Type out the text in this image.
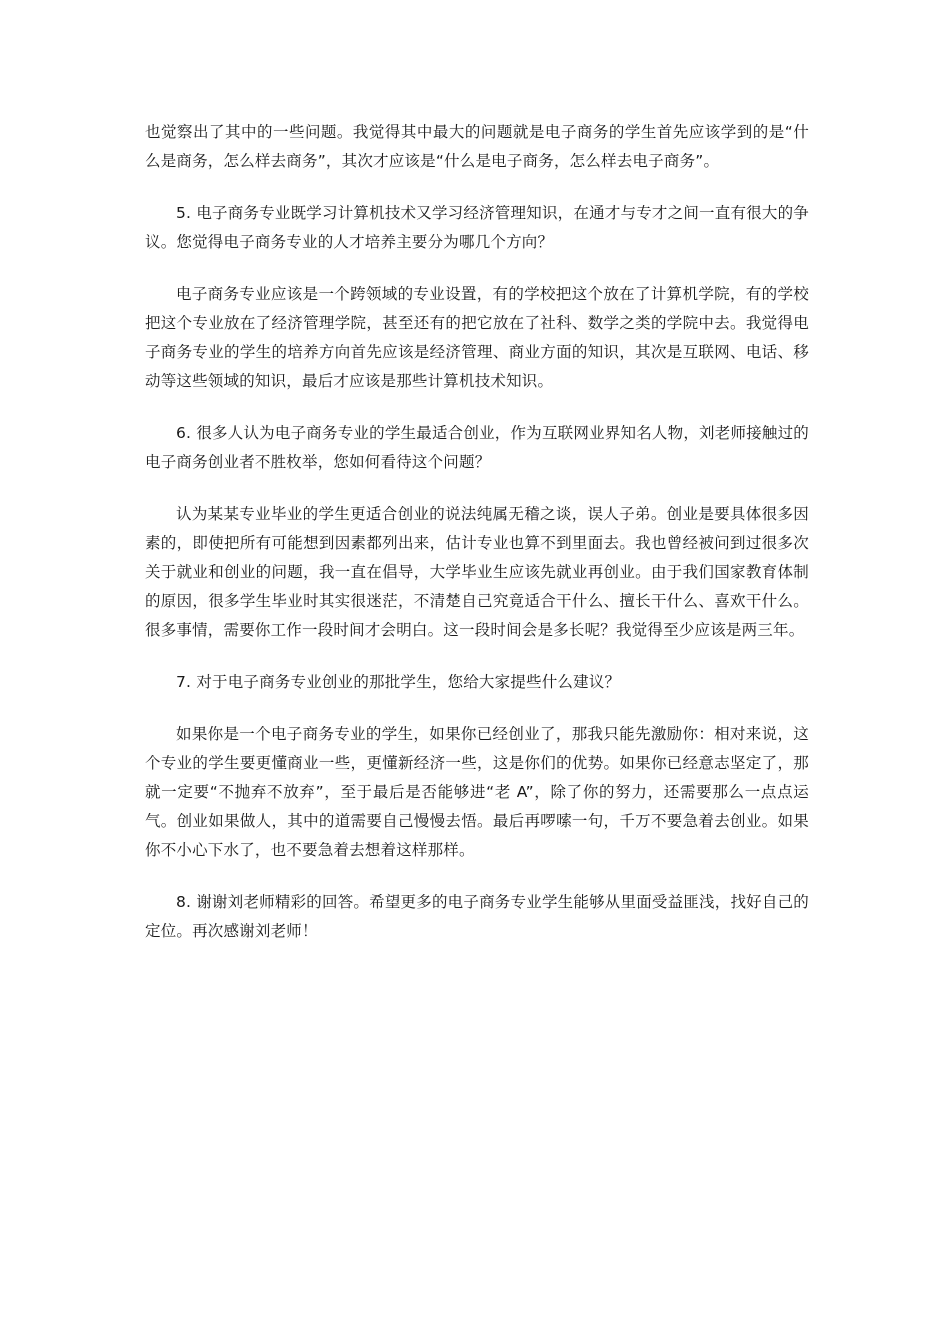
也觉察出了其中的一些问题。我觉得其中最大的问题就是电子商务的学生首先应该学到的是“什么是商务，怎么样去商务”，其次才应该是“什么是电子商务，怎么样去电子商务”。

5. 电子商务专业既学习计算机技术又学习经济管理知识，在通才与专才之间一直有很大的争议。您觉得电子商务专业的人才培养主要分为哪几个方向？

电子商务专业应该是一个跨领域的专业设置，有的学校把这个放在了计算机学院，有的学校把这个专业放在了经济管理学院，甚至还有的把它放在了社科、数学之类的学院中去。我觉得电子商务专业的学生的培养方向首先应该是经济管理、商业方面的知识，其次是互联网、电话、移动等这些领域的知识，最后才应该是那些计算机技术知识。

6. 很多人认为电子商务专业的学生最适合创业，作为互联网业界知名人物，刘老师接触过的电子商务创业者不胜枚举，您如何看待这个问题？

认为某某专业毕业的学生更适合创业的说法纯属无稽之谈，误人子弟。创业是要具体很多因素的，即使把所有可能想到因素都列出来，估计专业也算不到里面去。我也曾经被问到过很多次关于就业和创业的问题，我一直在倡导，大学毕业生应该先就业再创业。由于我们国家教育体制的原因，很多学生毕业时其实很迷茫，不清楚自己究竟适合干什么、擅长干什么、喜欢干什么。很多事情，需要你工作一段时间才会明白。这一段时间会是多长呢？我觉得至少应该是两三年。

7. 对于电子商务专业创业的那批学生，您给大家提些什么建议？

如果你是一个电子商务专业的学生，如果你已经创业了，那我只能先激励你：相对来说，这个专业的学生要更懂商业一些，更懂新经济一些，这是你们的优势。如果你已经意志坚定了，那就一定要“不抛弃不放弃”，至于最后是否能够进“老 A”，除了你的努力，还需要那么一点点运气。创业如果做人，其中的道需要自己慢慢去悟。最后再啰嗦一句，千万不要急着去创业。如果你不小心下水了，也不要急着去想着这样那样。

8. 谢谢刘老师精彩的回答。希望更多的电子商务专业学生能够从里面受益匪浅，找好自己的定位。再次感谢刘老师！
